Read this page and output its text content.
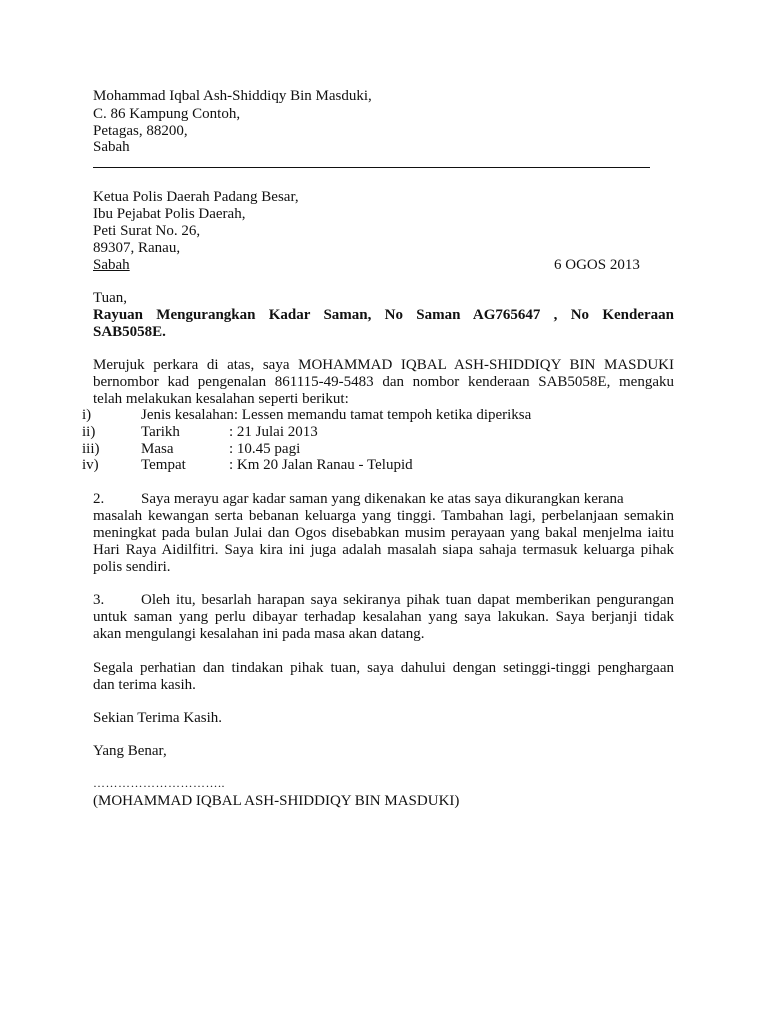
Mohammad Iqbal Ash-Shiddiqy Bin Masduki,
C. 86 Kampung Contoh,
Petagas, 88200,
Sabah
Ketua Polis Daerah Padang Besar,
Ibu Pejabat Polis Daerah,
Peti Surat No. 26,
89307, Ranau,
Sabah	6 OGOS 2013
Tuan,
Rayuan Mengurangkan Kadar Saman, No Saman AG765647 , No Kenderaan
SAB5058E.
Merujuk perkara di atas, saya MOHAMMAD IQBAL ASH-SHIDDIQY BIN MASDUKI
bernombor kad pengenalan 861115-49-5483 dan nombor kenderaan SAB5058E, mengaku
telah melakukan kesalahan seperti berikut:
i)	Jenis kesalahan: Lessen memandu tamat tempoh ketika diperiksa
ii)	Tarikh	: 21 Julai 2013
iii)	Masa	: 10.45 pagi
iv)	Tempat	: Km 20 Jalan Ranau - Telupid
2. Saya merayu agar kadar saman yang dikenakan ke atas saya dikurangkan kerana
masalah kewangan serta bebanan keluarga yang tinggi. Tambahan lagi, perbelanjaan semakin
meningkat pada bulan Julai dan Ogos disebabkan musim perayaan yang bakal menjelma iaitu
Hari Raya Aidilfitri. Saya kira ini juga adalah masalah siapa sahaja termasuk keluarga pihak
polis sendiri.
3. Oleh itu, besarlah harapan saya sekiranya pihak tuan dapat memberikan pengurangan
untuk saman yang perlu dibayar terhadap kesalahan yang saya lakukan. Saya berjanji tidak
akan mengulangi kesalahan ini pada masa akan datang.
Segala perhatian dan tindakan pihak tuan, saya dahului dengan setinggi-tinggi penghargaan
dan terima kasih.
Sekian Terima Kasih.
Yang Benar,
…………………………..
(MOHAMMAD IQBAL ASH-SHIDDIQY BIN MASDUKI)
